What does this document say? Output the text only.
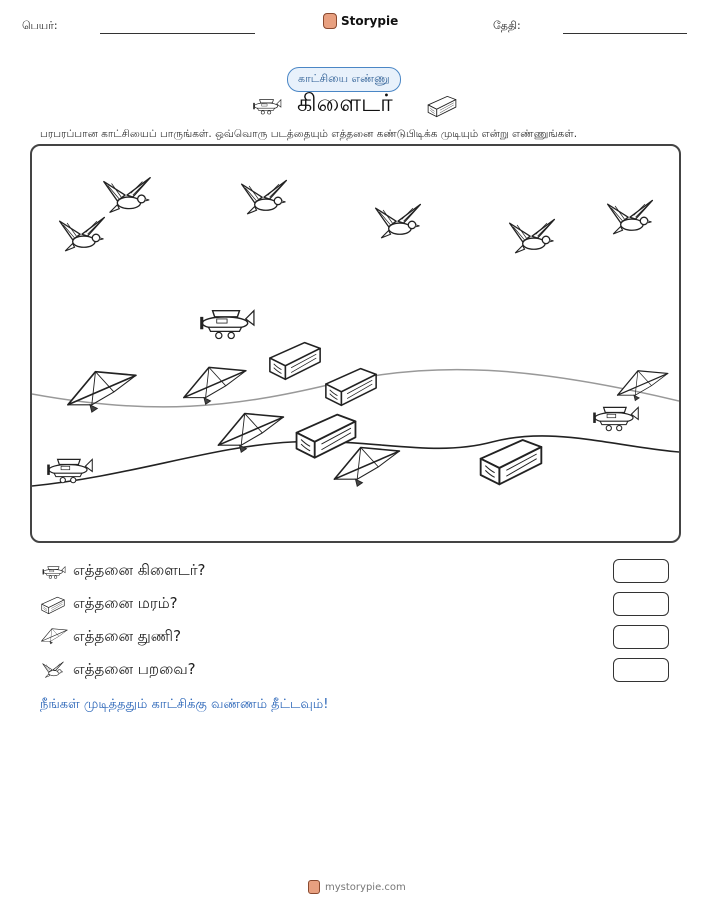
பெயர்:	Storypie	தேதி:
காட்சியை எண்ணு
கிளைடர்
பரபரப்பான காட்சியைப் பாருங்கள். ஒவ்வொரு படத்தையும் எத்தனை கண்டுபிடிக்க முடியும் என்று எண்ணுங்கள்.
எத்தனை கிளைடர்?
எத்தனை மரம்?
எத்தனை துணி?
எத்தனை பறவை?
நீங்கள் முடித்ததும் காட்சிக்கு வண்ணம் தீட்டவும்!
mystorypie.com
